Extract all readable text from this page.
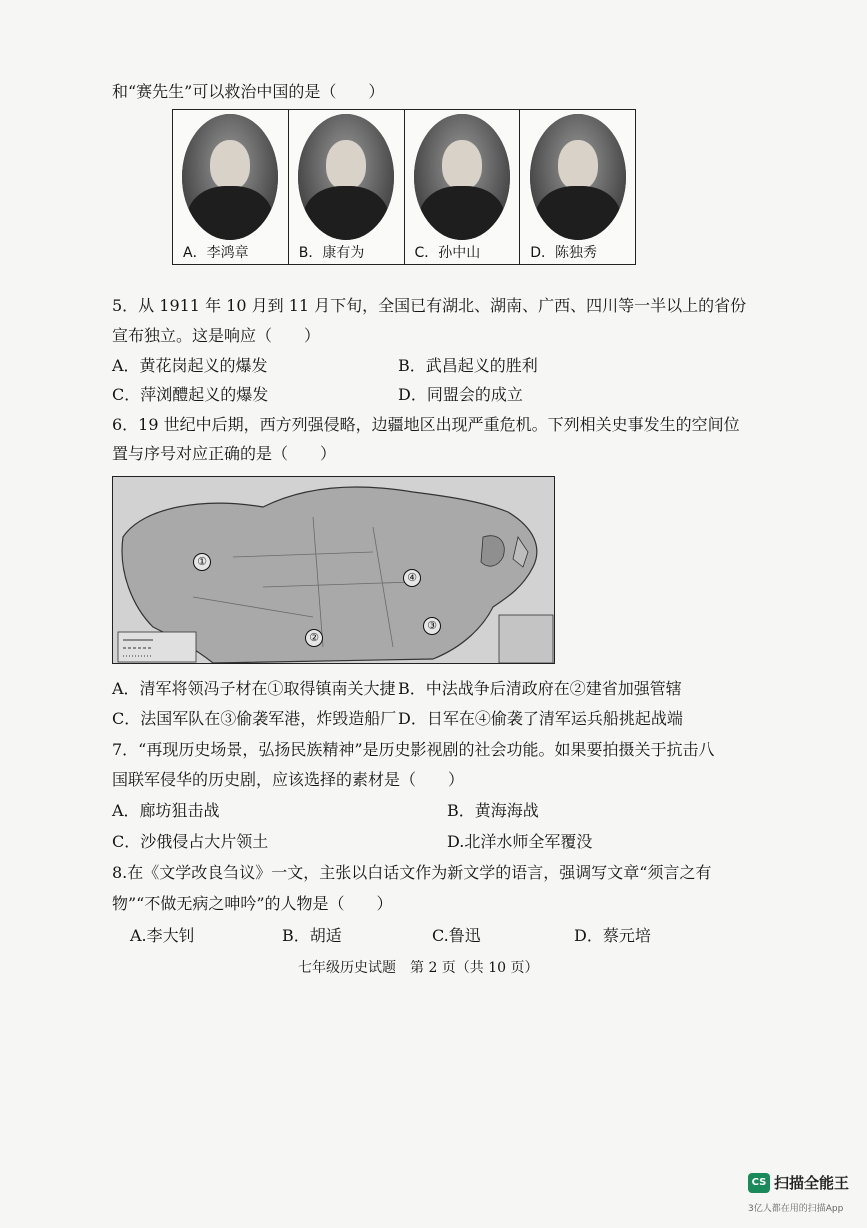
和“赛先生”可以救治中国的是（　　）
A．李鸿章	B．康有为	C．孙中山	D．陈独秀
5．从 1911 年 10 月到 11 月下旬，全国已有湖北、湖南、广西、四川等一半以上的省份
宣布独立。这是响应（　　）
A．黄花岗起义的爆发	B．武昌起义的胜利
C．萍浏醴起义的爆发	D．同盟会的成立
6．19 世纪中后期，西方列强侵略，边疆地区出现严重危机。下列相关史事发生的空间位
置与序号对应正确的是（　　）
①
②
③
④
A．清军将领冯子材在①取得镇南关大捷 B．中法战争后清政府在②建省加强管辖
C．法国军队在③偷袭军港，炸毁造船厂 D．日军在④偷袭了清军运兵船挑起战端
7．“再现历史场景，弘扬民族精神”是历史影视剧的社会功能。如果要拍摄关于抗击八
国联军侵华的历史剧，应该选择的素材是（　　）
A．廊坊狙击战	B．黄海海战
C．沙俄侵占大片领土	D.北洋水师全军覆没
8.在《文学改良刍议》一文，主张以白话文作为新文学的语言，强调写文章“须言之有
物”“不做无病之呻吟”的人物是（　　）
A.李大钊	B．胡适	C.鲁迅	D．蔡元培
七年级历史试题　第 2 页（共 10 页）
CS 扫描全能王
3亿人都在用的扫描App
